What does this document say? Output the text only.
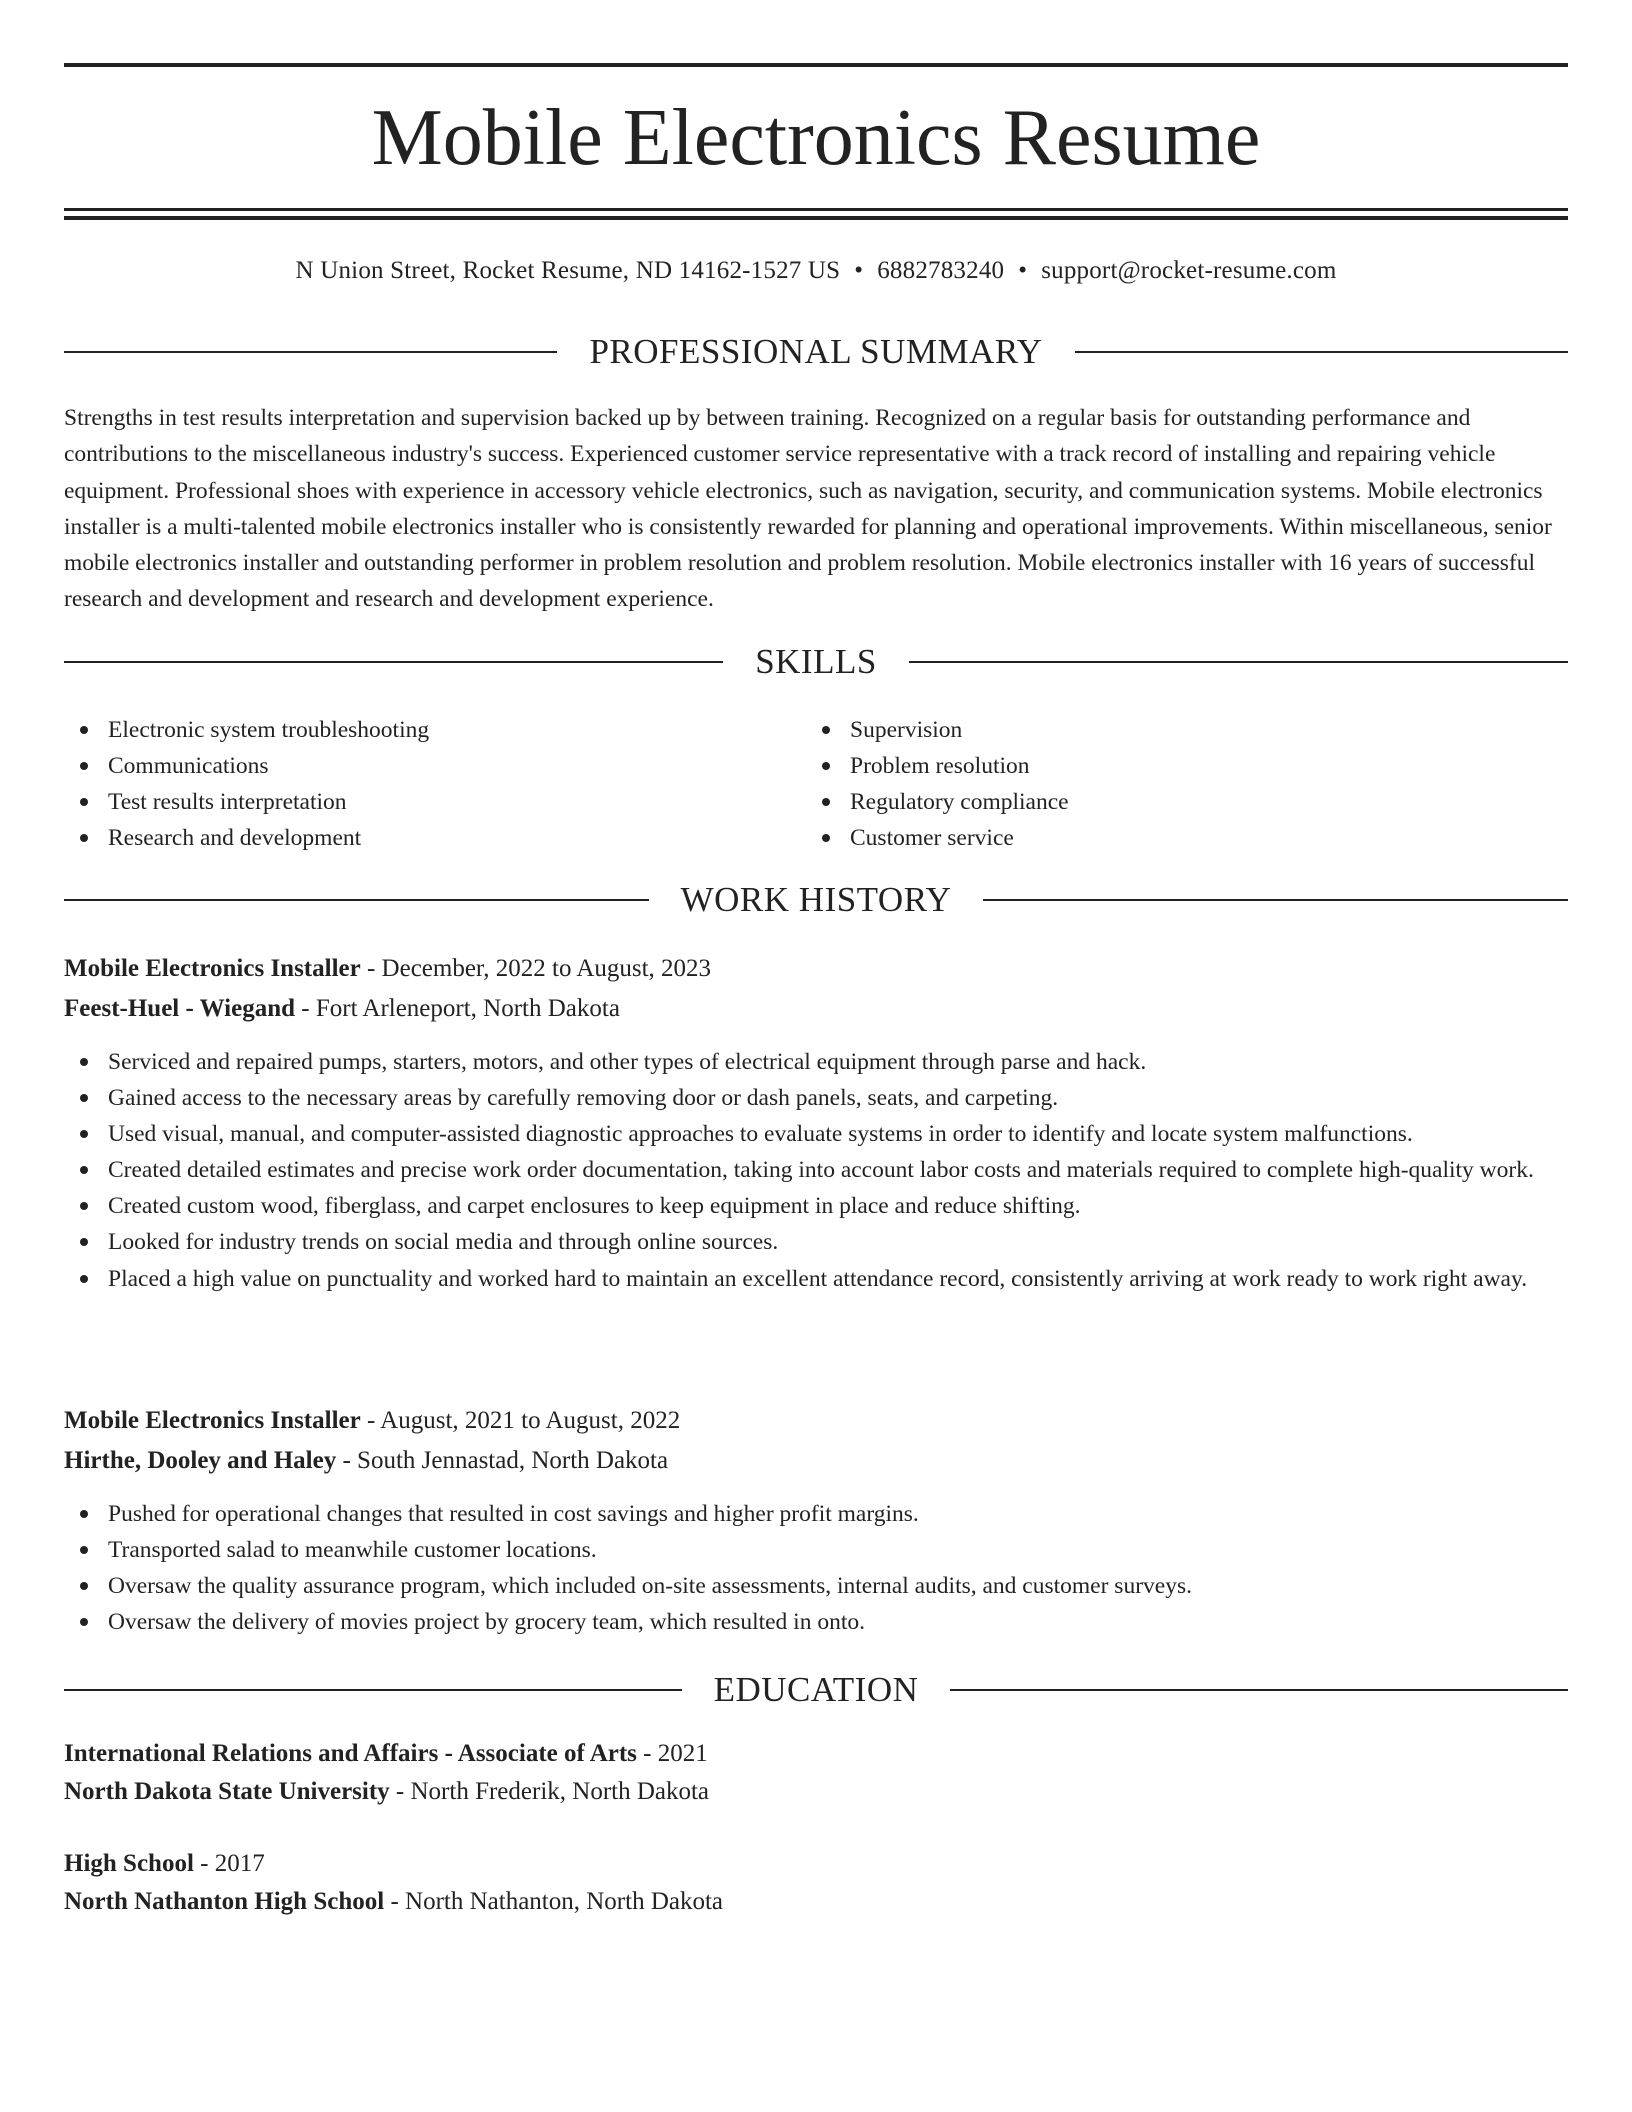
Mobile Electronics Resume
N Union Street, Rocket Resume, ND 14162-1527 US • 6882783240 • support@rocket-resume.com
PROFESSIONAL SUMMARY

Strengths in test results interpretation and supervision backed up by between training. Recognized on a regular basis for outstanding performance and contributions to the miscellaneous industry's success. Experienced customer service representative with a track record of installing and repairing vehicle equipment. Professional shoes with experience in accessory vehicle electronics, such as navigation, security, and communication systems. Mobile electronics installer is a multi-talented mobile electronics installer who is consistently rewarded for planning and operational improvements. Within miscellaneous, senior mobile electronics installer and outstanding performer in problem resolution and problem resolution. Mobile electronics installer with 16 years of successful research and development and research and development experience.

SKILLS
Electronic system troubleshooting
Communications
Test results interpretation
Research and development
Supervision
Problem resolution
Regulatory compliance
Customer service
WORK HISTORY
Mobile Electronics Installer - December, 2022 to August, 2023
Feest-Huel - Wiegand - Fort Arleneport, North Dakota
Serviced and repaired pumps, starters, motors, and other types of electrical equipment through parse and hack.
Gained access to the necessary areas by carefully removing door or dash panels, seats, and carpeting.
Used visual, manual, and computer-assisted diagnostic approaches to evaluate systems in order to identify and locate system malfunctions.
Created detailed estimates and precise work order documentation, taking into account labor costs and materials required to complete high-quality work.
Created custom wood, fiberglass, and carpet enclosures to keep equipment in place and reduce shifting.
Looked for industry trends on social media and through online sources.
Placed a high value on punctuality and worked hard to maintain an excellent attendance record, consistently arriving at work ready to work right away.
Mobile Electronics Installer - August, 2021 to August, 2022
Hirthe, Dooley and Haley - South Jennastad, North Dakota
Pushed for operational changes that resulted in cost savings and higher profit margins.
Transported salad to meanwhile customer locations.
Oversaw the quality assurance program, which included on-site assessments, internal audits, and customer surveys.
Oversaw the delivery of movies project by grocery team, which resulted in onto.
EDUCATION
International Relations and Affairs - Associate of Arts - 2021
North Dakota State University - North Frederik, North Dakota
High School - 2017
North Nathanton High School - North Nathanton, North Dakota
